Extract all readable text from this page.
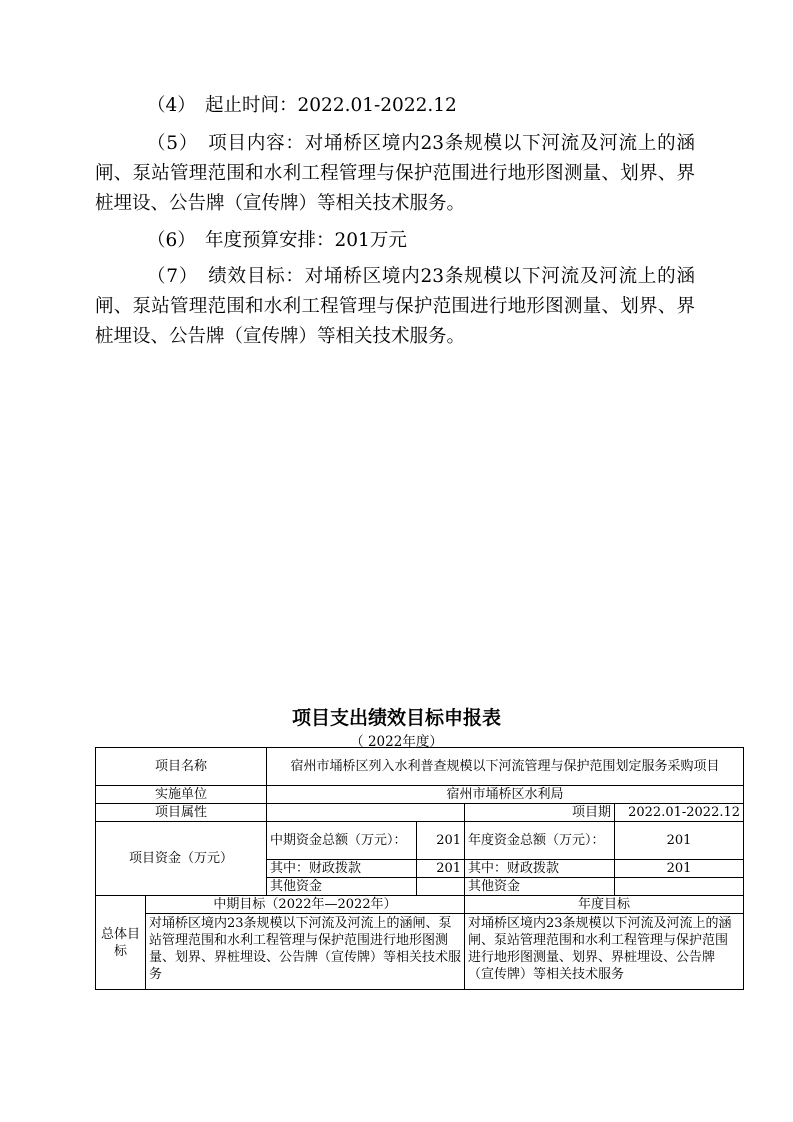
（4）　起止时间：2022.01-2022.12

（5）　项目内容：对埇桥区境内23条规模以下河流及河流上的涵闸、泵站管理范围和水利工程管理与保护范围进行地形图测量、划界、界桩埋设、公告牌（宣传牌）等相关技术服务。

（6）　年度预算安排：201万元

（7）　绩效目标：对埇桥区境内23条规模以下河流及河流上的涵闸、泵站管理范围和水利工程管理与保护范围进行地形图测量、划界、界桩埋设、公告牌（宣传牌）等相关技术服务。

项目支出绩效目标申报表

（ 2022年度）

项目名称		宿州市埇桥区列入水利普查规模以下河流管理与保护范围划定服务采购项目			
实施单位		宿州市埇桥区水利局			
项目属性				项目期	2022.01-2022.12
项目资金（万元）		中期资金总额（万元）：	201	年度资金总额（万元）：	201
		其中：财政拨款	201	其中：财政拨款	201
		其他资金		其他资金	
总体目标	中期目标（2022年—2022年）			年度目标	
	对埇桥区境内23条规模以下河流及河流上的涵闸、泵站管理范围和水利工程管理与保护范围进行地形图测量、划界、界桩埋设、公告牌（宣传牌）等相关技术服务			对埇桥区境内23条规模以下河流及河流上的涵闸、泵站管理范围和水利工程管理与保护范围进行地形图测量、划界、界桩埋设、公告牌（宣传牌）等相关技术服务	
